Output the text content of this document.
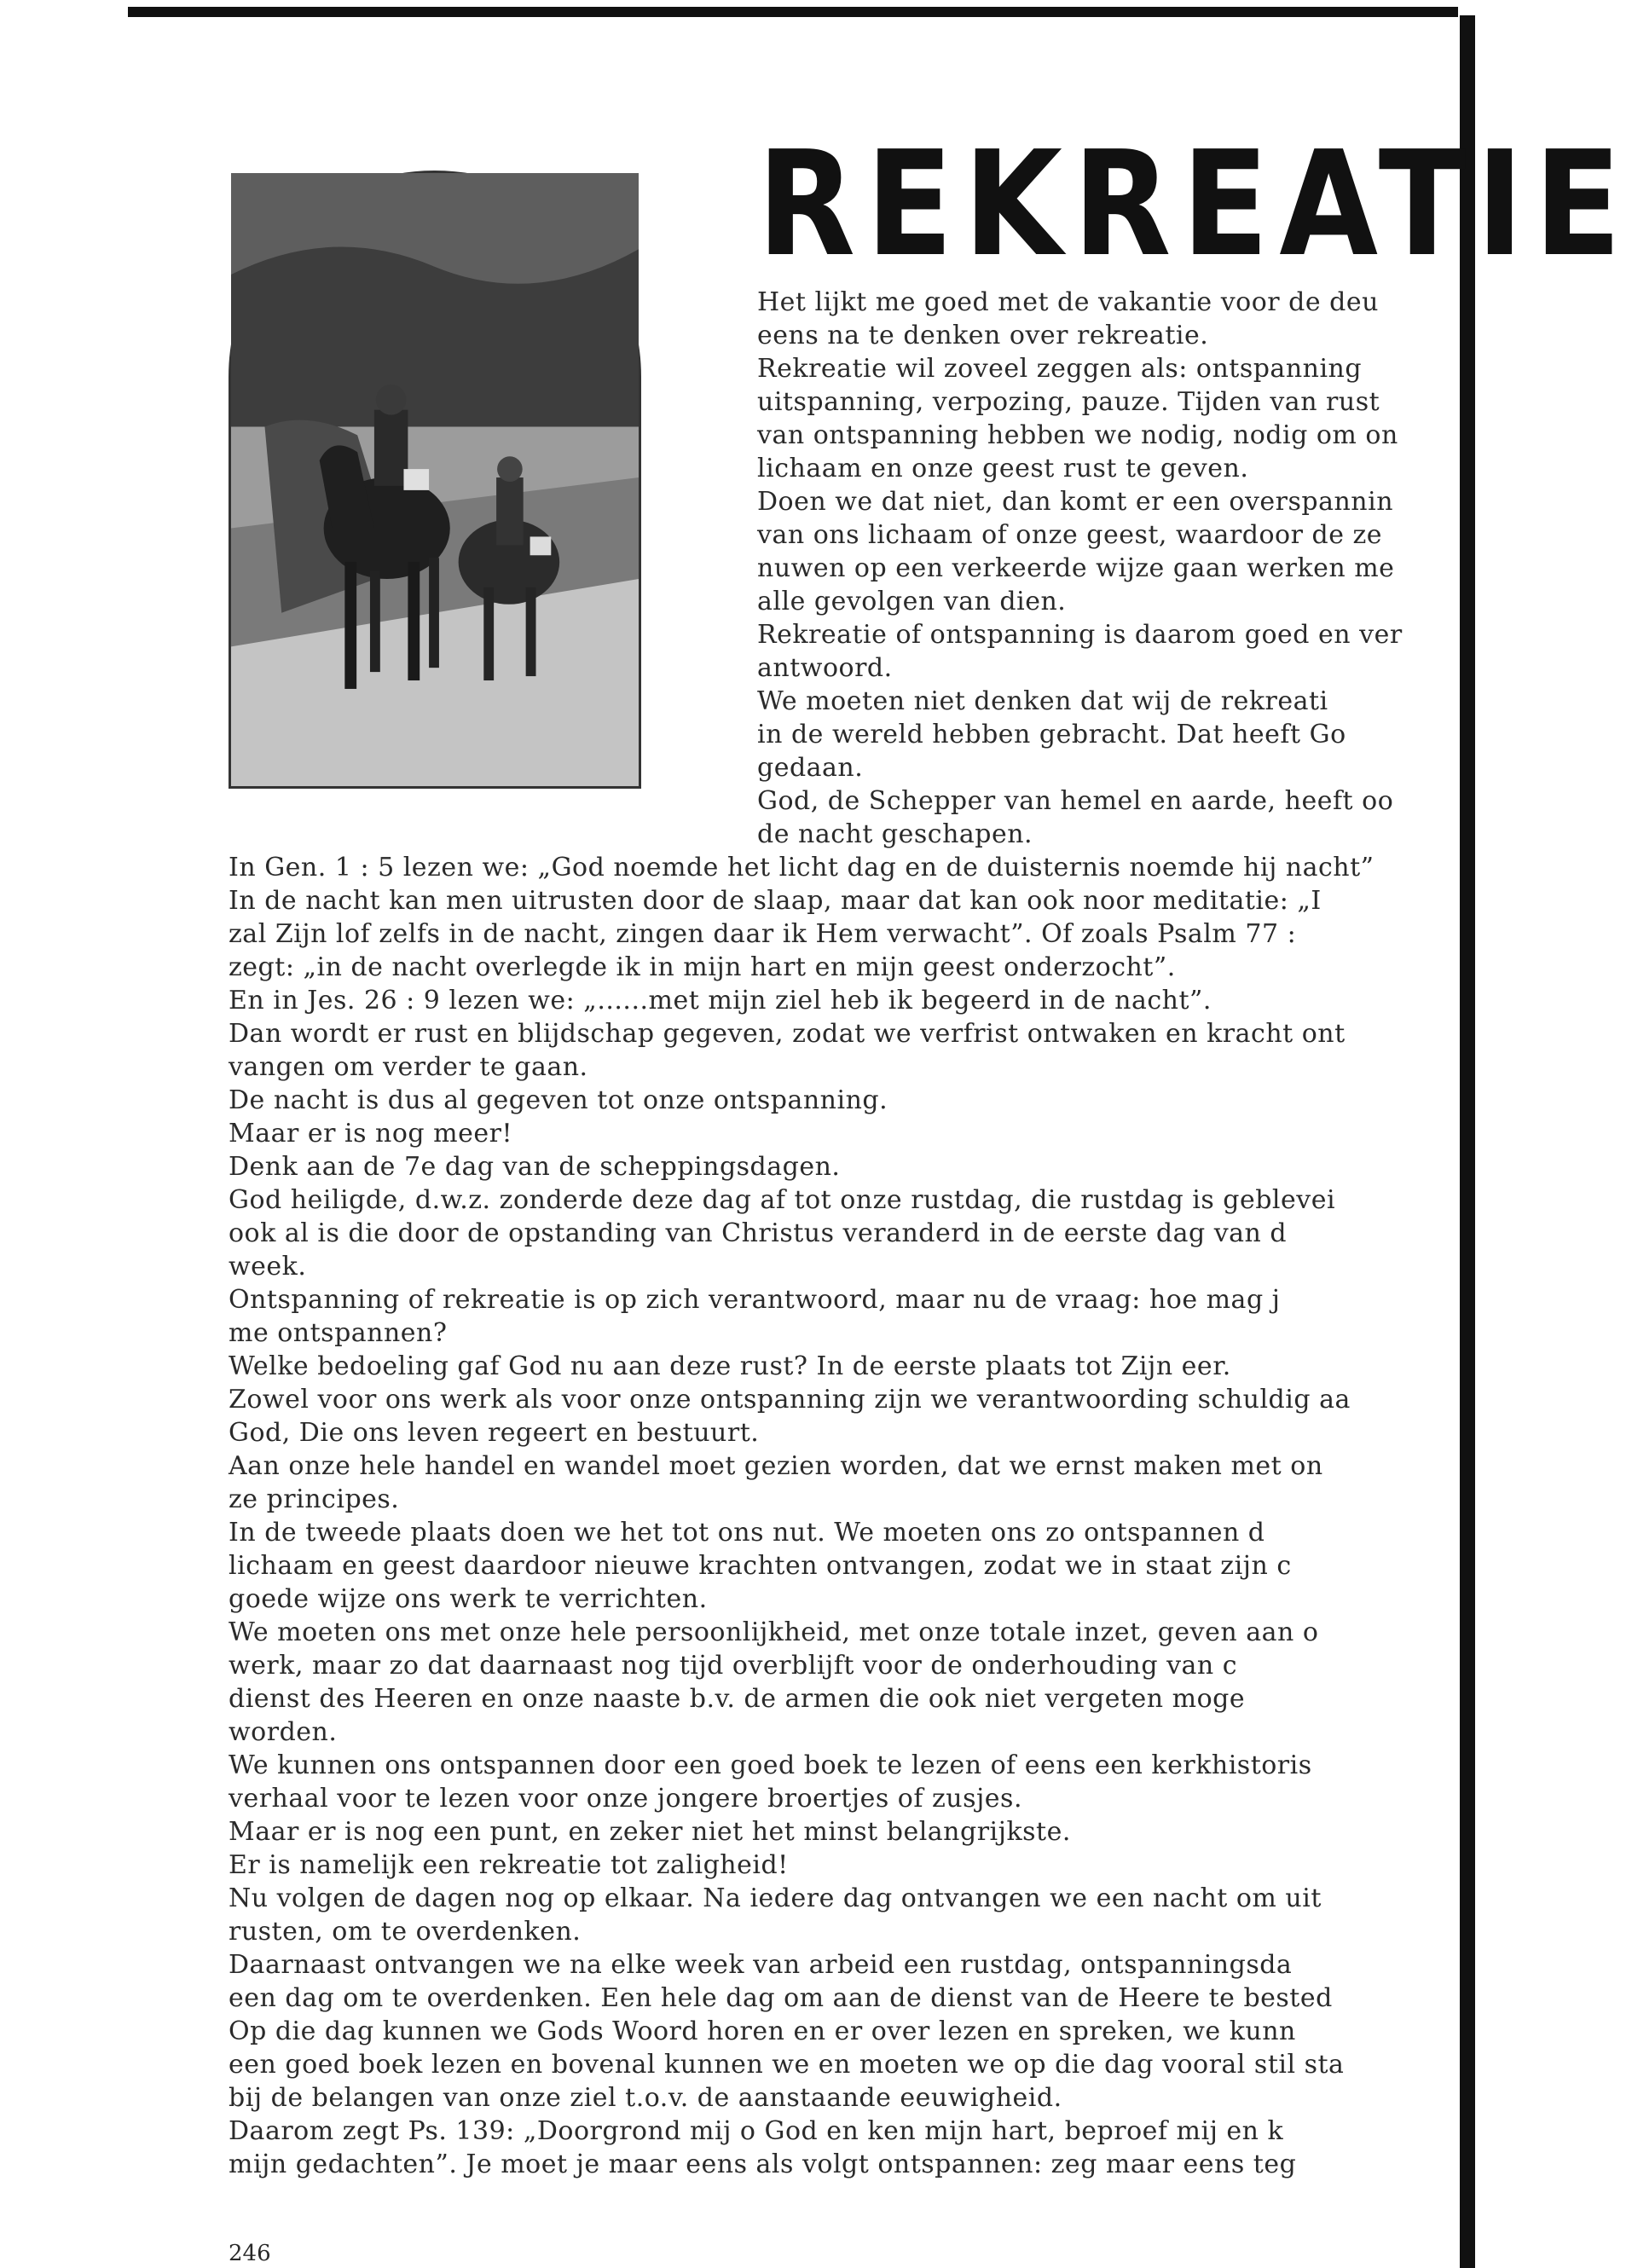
REKREATIE
Het lijkt me goed met de vakantie voor de deu
eens na te denken over rekreatie.
Rekreatie wil zoveel zeggen als: ontspanning
uitspanning, verpozing, pauze. Tijden van rust
van ontspanning hebben we nodig, nodig om on
lichaam en onze geest rust te geven.
Doen we dat niet, dan komt er een overspannin
van ons lichaam of onze geest, waardoor de ze
nuwen op een verkeerde wijze gaan werken me
alle gevolgen van dien.
Rekreatie of ontspanning is daarom goed en ver
antwoord.
We moeten niet denken dat wij de rekreati
in de wereld hebben gebracht. Dat heeft Go
gedaan.
God, de Schepper van hemel en aarde, heeft oo
de nacht geschapen.
In Gen. 1 : 5 lezen we: „God noemde het licht dag en de duisternis noemde hij nacht”
In de nacht kan men uitrusten door de slaap, maar dat kan ook noor meditatie: „I
zal Zijn lof zelfs in de nacht, zingen daar ik Hem verwacht”. Of zoals Psalm 77 :
zegt: „in de nacht overlegde ik in mijn hart en mijn geest onderzocht”.
En in Jes. 26 : 9 lezen we: „......met mijn ziel heb ik begeerd in de nacht”.
Dan wordt er rust en blijdschap gegeven, zodat we verfrist ontwaken en kracht ont
vangen om verder te gaan.
De nacht is dus al gegeven tot onze ontspanning.
Maar er is nog meer!
Denk aan de 7e dag van de scheppingsdagen.
God heiligde, d.w.z. zonderde deze dag af tot onze rustdag, die rustdag is geblevei
ook al is die door de opstanding van Christus veranderd in de eerste dag van d
week.
Ontspanning of rekreatie is op zich verantwoord, maar nu de vraag: hoe mag j
me ontspannen?
Welke bedoeling gaf God nu aan deze rust? In de eerste plaats tot Zijn eer.
Zowel voor ons werk als voor onze ontspanning zijn we verantwoording schuldig aa
God, Die ons leven regeert en bestuurt.
Aan onze hele handel en wandel moet gezien worden, dat we ernst maken met on
ze principes.
In de tweede plaats doen we het tot ons nut. We moeten ons zo ontspannen d
lichaam en geest daardoor nieuwe krachten ontvangen, zodat we in staat zijn c
goede wijze ons werk te verrichten.
We moeten ons met onze hele persoonlijkheid, met onze totale inzet, geven aan o
werk, maar zo dat daarnaast nog tijd overblijft voor de onderhouding van c
dienst des Heeren en onze naaste b.v. de armen die ook niet vergeten moge
worden.
We kunnen ons ontspannen door een goed boek te lezen of eens een kerkhistoris
verhaal voor te lezen voor onze jongere broertjes of zusjes.
Maar er is nog een punt, en zeker niet het minst belangrijkste.
Er is namelijk een rekreatie tot zaligheid!
Nu volgen de dagen nog op elkaar. Na iedere dag ontvangen we een nacht om uit
rusten, om te overdenken.
Daarnaast ontvangen we na elke week van arbeid een rustdag, ontspanningsda
een dag om te overdenken. Een hele dag om aan de dienst van de Heere te bested
Op die dag kunnen we Gods Woord horen en er over lezen en spreken, we kunn
een goed boek lezen en bovenal kunnen we en moeten we op die dag vooral stil sta
bij de belangen van onze ziel t.o.v. de aanstaande eeuwigheid.
Daarom zegt Ps. 139: „Doorgrond mij o God en ken mijn hart, beproef mij en k
mijn gedachten”. Je moet je maar eens als volgt ontspannen: zeg maar eens teg
246
